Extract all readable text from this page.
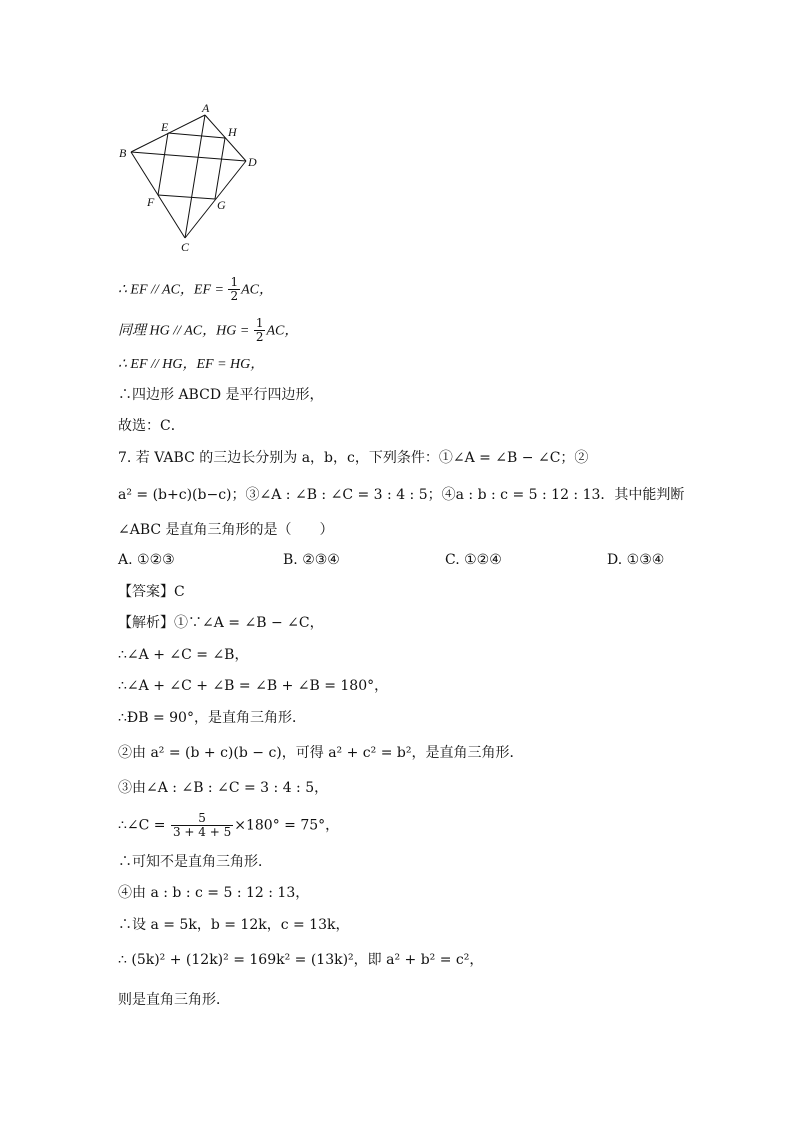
A
E	H
B
D
F	G
C
∴ EF // AC，EF = $\frac{1}{2}$ AC，
同理 HG // AC，HG = $\frac{1}{2}$ AC，
∴ EF // HG，EF = HG，
∴四边形 ABCD 是平行四边形，
故选：C．
7. 若 VABC 的三边长分别为 a，b，c，下列条件：①∠A = ∠B − ∠C；②
a² = (b+c)(b−c)；③∠A : ∠B : ∠C = 3 : 4 : 5；④a : b : c = 5 : 12 : 13．其中能判断
∠ABC 是直角三角形的是（　　）
A. ①②③	B. ②③④	C. ①②④	D. ①③④
【答案】C
【解析】①∵∠A = ∠B − ∠C，
∴∠A + ∠C = ∠B，
∴∠A + ∠C + ∠B = ∠B + ∠B = 180°，
∴ĐB = 90°，是直角三角形．
②由 a² = (b + c)(b − c)，可得 a² + c² = b²，是直角三角形．
③由∠A : ∠B : ∠C = 3 : 4 : 5，
∴∠C = $\frac{5}{3 + 4 + 5} \times 180^\circ = 75^\circ$，
∴可知不是直角三角形．
④由 a : b : c = 5 : 12 : 13，
∴设 a = 5k，b = 12k，c = 13k，
∴ (5k)² + (12k)² = 169k² = (13k)²，即 a² + b² = c²，
则是直角三角形．
